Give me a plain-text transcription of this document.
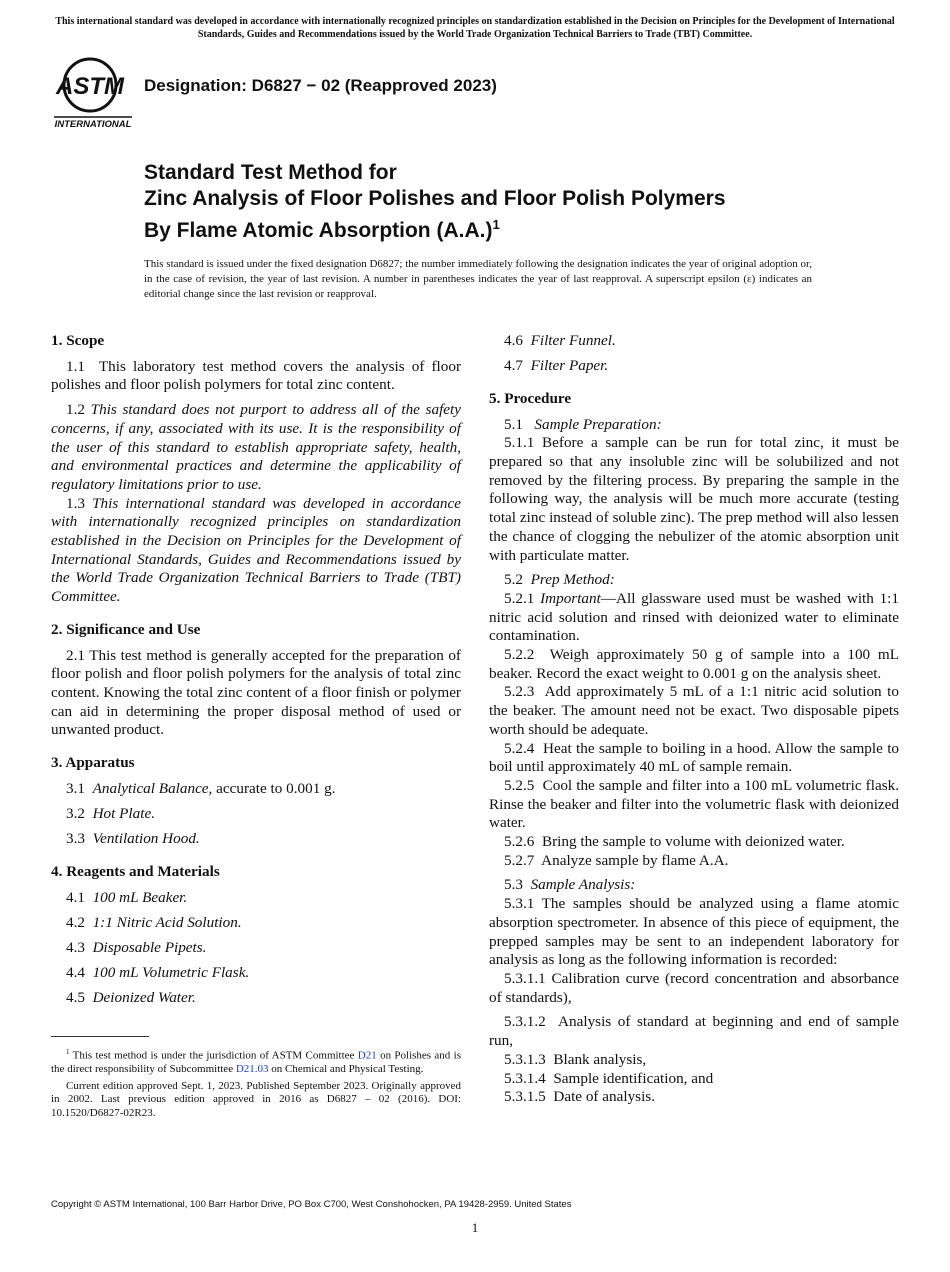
This international standard was developed in accordance with internationally recognized principles on standardization established in the Decision on Principles for the Development of International Standards, Guides and Recommendations issued by the World Trade Organization Technical Barriers to Trade (TBT) Committee.
ASTM
INTERNATIONAL
Designation: D6827 − 02 (Reapproved 2023)
Standard Test Method for
Zinc Analysis of Floor Polishes and Floor Polish Polymers
By Flame Atomic Absorption $(A.A.)^1$
This standard is issued under the fixed designation D6827; the number immediately following the designation indicates the year of original adoption or, in the case of revision, the year of last revision. A number in parentheses indicates the year of last reapproval. A superscript epsilon (ε) indicates an editorial change since the last revision or reapproval.
1. Scope

1.1 This laboratory test method covers the analysis of floor polishes and floor polish polymers for total zinc content.

1.2 This standard does not purport to address all of the safety concerns, if any, associated with its use. It is the responsibility of the user of this standard to establish appropriate safety, health, and environmental practices and determine the applicability of regulatory limitations prior to use.

1.3 This international standard was developed in accordance with internationally recognized principles on standardization established in the Decision on Principles for the Development of International Standards, Guides and Recommendations issued by the World Trade Organization Technical Barriers to Trade (TBT) Committee.

2. Significance and Use

2.1 This test method is generally accepted for the preparation of floor polish and floor polish polymers for the analysis of total zinc content. Knowing the total zinc content of a floor finish or polymer can aid in determining the proper disposal method of used or unwanted product.

3. Apparatus
3.1 Analytical Balance, accurate to 0.001 g.
3.2 Hot Plate.
3.3 Ventilation Hood.
4. Reagents and Materials
4.1 100 mL Beaker.
4.2 1:1 Nitric Acid Solution.
4.3 Disposable Pipets.
4.4 100 mL Volumetric Flask.
4.5 Deionized Water.
4.6 Filter Funnel.
4.7 Filter Paper.
5. Procedure

5.1 Sample Preparation:

5.1.1 Before a sample can be run for total zinc, it must be prepared so that any insoluble zinc will be solubilized and not removed by the filtering process. By preparing the sample in the following way, the analysis will be much more accurate (testing total zinc instead of soluble zinc). The prep method will also lessen the chance of clogging the nebulizer of the atomic absorption unit with particulate matter.

5.2 Prep Method:

5.2.1 Important—All glassware used must be washed with 1:1 nitric acid solution and rinsed with deionized water to eliminate contamination.

5.2.2 Weigh approximately 50 g of sample into a 100 mL beaker. Record the exact weight to 0.001 g on the analysis sheet.

5.2.3 Add approximately 5 mL of a 1:1 nitric acid solution to the beaker. The amount need not be exact. Two disposable pipets worth should be adequate.

5.2.4 Heat the sample to boiling in a hood. Allow the sample to boil until approximately 40 mL of sample remain.

5.2.5 Cool the sample and filter into a 100 mL volumetric flask. Rinse the beaker and filter into the volumetric flask with deionized water.

5.2.6 Bring the sample to volume with deionized water.

5.2.7 Analyze sample by flame A.A.

5.3 Sample Analysis:

5.3.1 The samples should be analyzed using a flame atomic absorption spectrometer. In absence of this piece of equipment, the prepped samples may be sent to an independent laboratory for analysis as long as the following information is recorded:

5.3.1.1 Calibration curve (record concentration and absorbance of standards),

5.3.1.2 Analysis of standard at beginning and end of sample run,

5.3.1.3 Blank analysis,

5.3.1.4 Sample identification, and

5.3.1.5 Date of analysis.

$^1$ This test method is under the jurisdiction of ASTM Committee D21 on Polishes and is the direct responsibility of Subcommittee D21.03 on Chemical and Physical Testing.

Current edition approved Sept. 1, 2023. Published September 2023. Originally approved in 2002. Last previous edition approved in 2016 as D6827 – 02 (2016). DOI: 10.1520/D6827-02R23.

Copyright © ASTM International, 100 Barr Harbor Drive, PO Box C700, West Conshohocken, PA 19428-2959. United States
1
